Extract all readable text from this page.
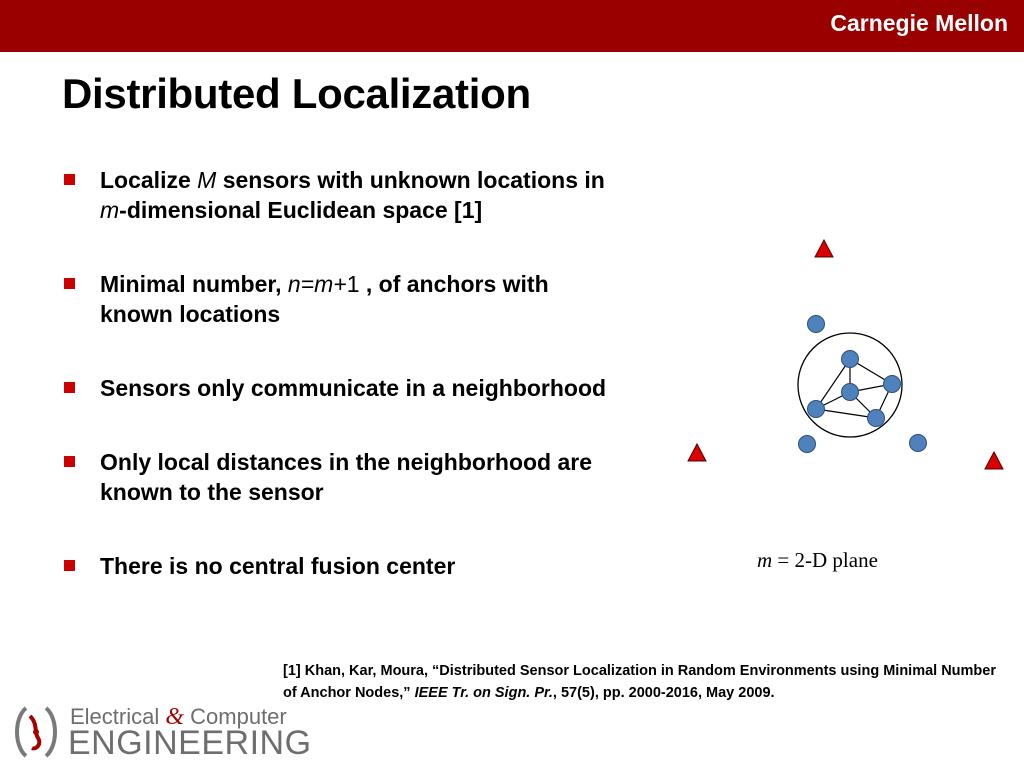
Carnegie Mellon
Distributed Localization
Localize M sensors with unknown locations in m-dimensional Euclidean space [1]
Minimal number, n=m+1 , of anchors with known locations
Sensors only communicate in a neighborhood
Only local distances in the neighborhood are known to the sensor
There is no central fusion center	m = 2-D plane
[1] Khan, Kar, Moura, “Distributed Sensor Localization in Random Environments using Minimal Number of Anchor Nodes,” IEEE Tr. on Sign. Pr., 57(5), pp. 2000-2016, May 2009.
Electrical & Computer
ENGINEERING
